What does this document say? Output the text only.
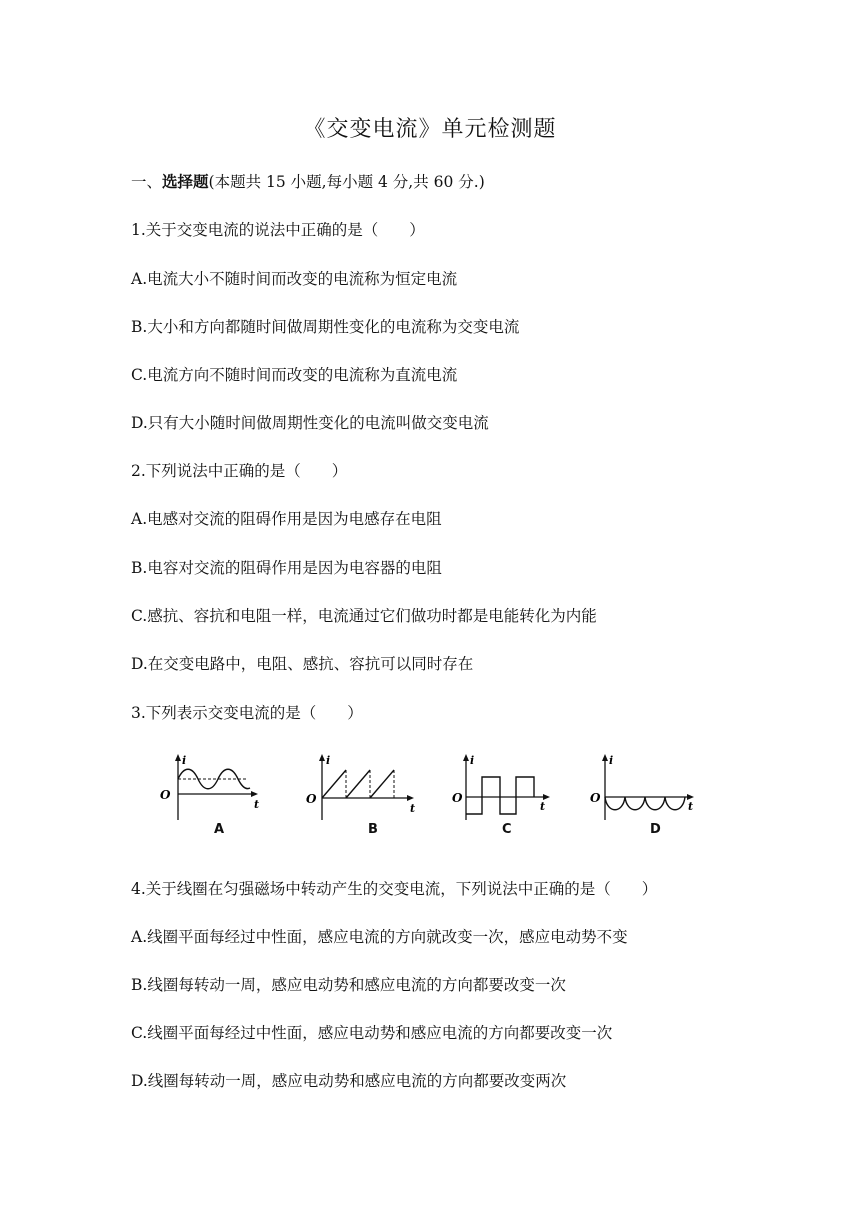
《交变电流》单元检测题
一、选择题(本题共 15 小题,每小题 4 分,共 60 分.)
1.关于交变电流的说法中正确的是（　　）
A.电流大小不随时间而改变的电流称为恒定电流
B.大小和方向都随时间做周期性变化的电流称为交变电流
C.电流方向不随时间而改变的电流称为直流电流
D.只有大小随时间做周期性变化的电流叫做交变电流
2.下列说法中正确的是（　　）
A.电感对交流的阻碍作用是因为电感存在电阻
B.电容对交流的阻碍作用是因为电容器的电阻
C.感抗、容抗和电阻一样，电流通过它们做功时都是电能转化为内能
D.在交变电路中，电阻、感抗、容抗可以同时存在
3.下列表示交变电流的是（　　）
i
t
O
A
i
t
O
B
i
t
O
C
i
t
O
D
4.关于线圈在匀强磁场中转动产生的交变电流，下列说法中正确的是（　　）
A.线圈平面每经过中性面，感应电流的方向就改变一次，感应电动势不变
B.线圈每转动一周，感应电动势和感应电流的方向都要改变一次
C.线圈平面每经过中性面，感应电动势和感应电流的方向都要改变一次
D.线圈每转动一周，感应电动势和感应电流的方向都要改变两次
